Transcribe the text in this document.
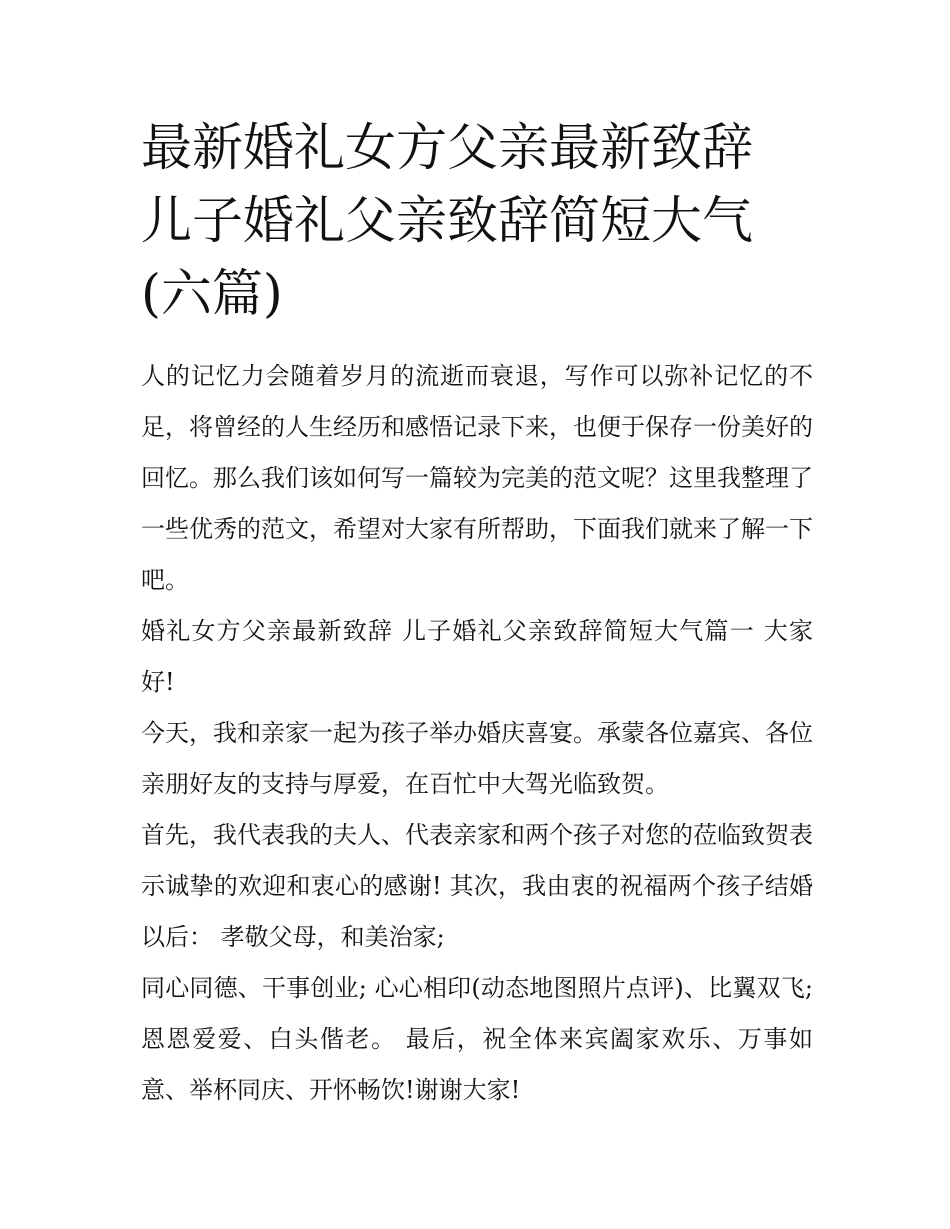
最新婚礼女方父亲最新致辞 儿子婚礼父亲致辞简短大气(六篇)

人的记忆力会随着岁月的流逝而衰退，写作可以弥补记忆的不足，将曾经的人生经历和感悟记录下来，也便于保存一份美好的回忆。那么我们该如何写一篇较为完美的范文呢？这里我整理了一些优秀的范文，希望对大家有所帮助，下面我们就来了解一下吧。

婚礼女方父亲最新致辞 儿子婚礼父亲致辞简短大气篇一 大家好!

今天，我和亲家一起为孩子举办婚庆喜宴。承蒙各位嘉宾、各位亲朋好友的支持与厚爱，在百忙中大驾光临致贺。

首先，我代表我的夫人、代表亲家和两个孩子对您的莅临致贺表示诚挚的欢迎和衷心的感谢! 其次，我由衷的祝福两个孩子结婚以后： 孝敬父母，和美治家;

同心同德、干事创业; 心心相印(动态地图照片点评)、比翼双飞; 恩恩爱爱、白头偕老。 最后，祝全体来宾阖家欢乐、万事如意、举杯同庆、开怀畅饮!谢谢大家!
